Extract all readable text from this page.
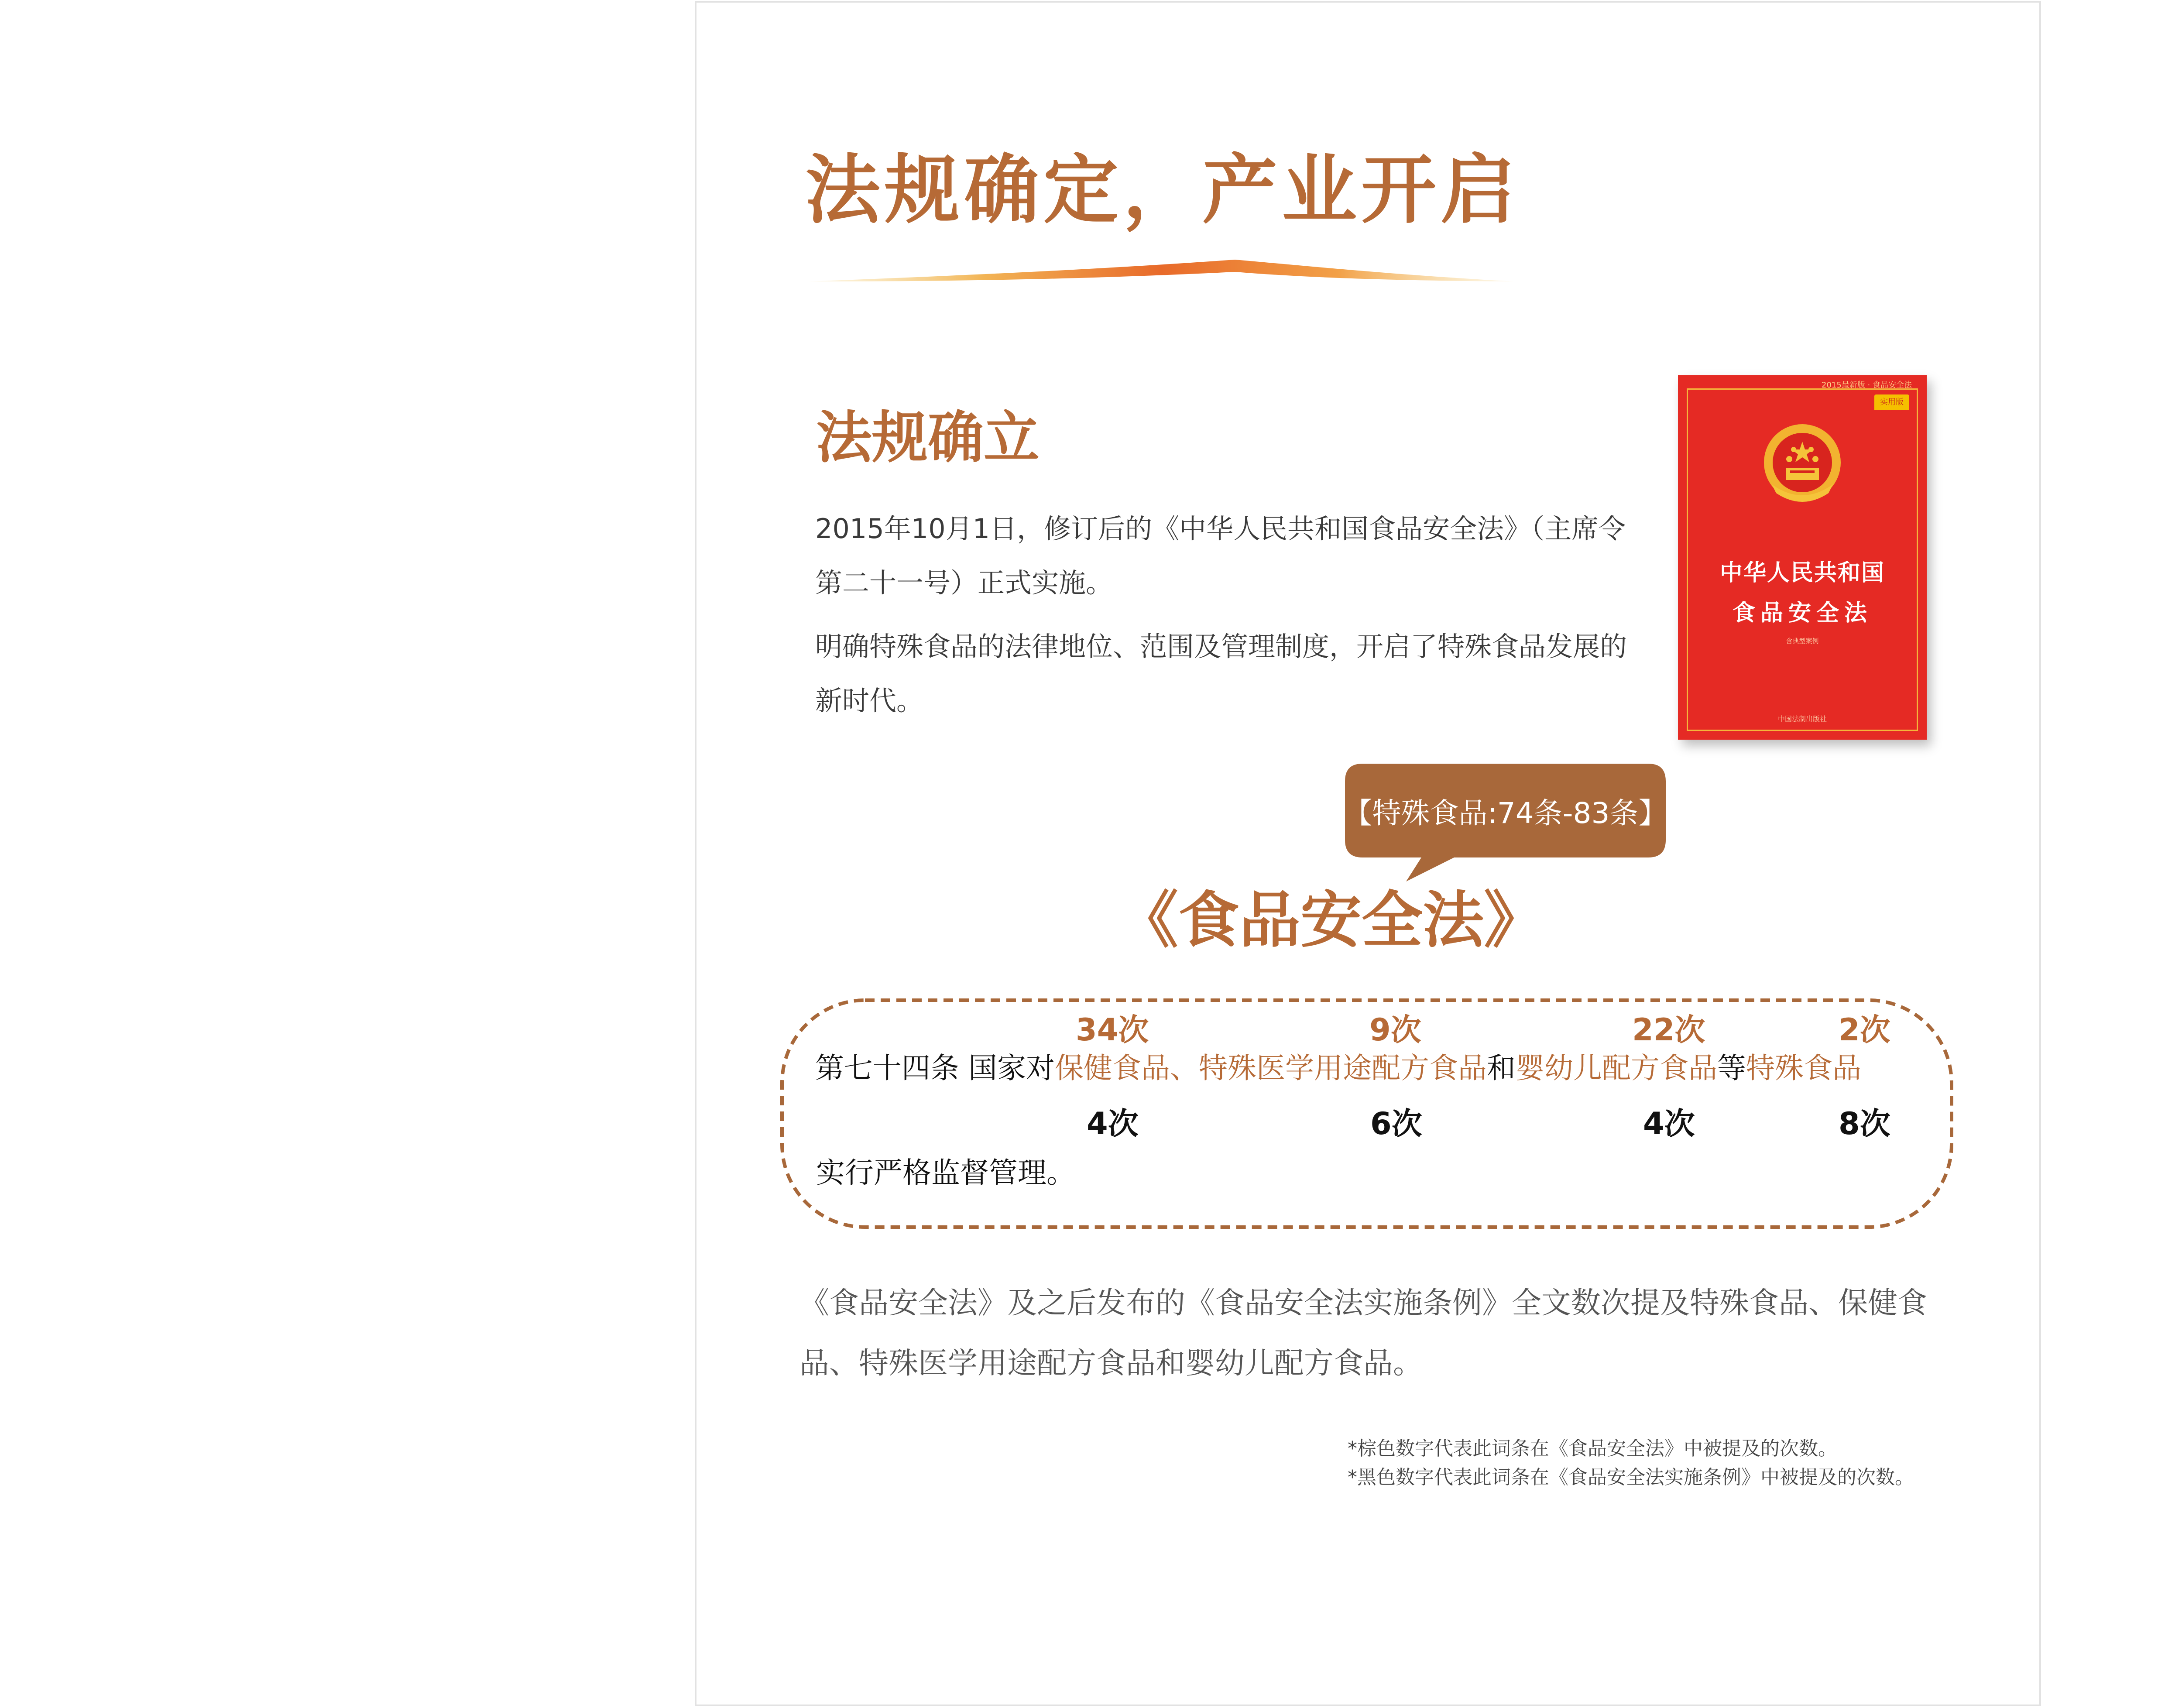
法规确定，产业开启
法规确立
2015年10月1日，修订后的《中华人民共和国食品安全法》（主席令第二十一号）正式实施。
明确特殊食品的法律地位、范围及管理制度，开启了特殊食品发展的新时代。
2015最新版 · 食品安全法
实用版
中华人民共和国
食品安全法
含典型案例
中国法制出版社
【特殊食品:74条-83条】
《食品安全法》
34次	9次	22次	2次
第七十四条 国家对保健食品、特殊医学用途配方食品和婴幼儿配方食品等特殊食品
4次	6次	4次	8次
实行严格监督管理。
《食品安全法》及之后发布的《食品安全法实施条例》全文数次提及特殊食品、保健食品、特殊医学用途配方食品和婴幼儿配方食品。
*棕色数字代表此词条在《食品安全法》中被提及的次数。
*黑色数字代表此词条在《食品安全法实施条例》中被提及的次数。
